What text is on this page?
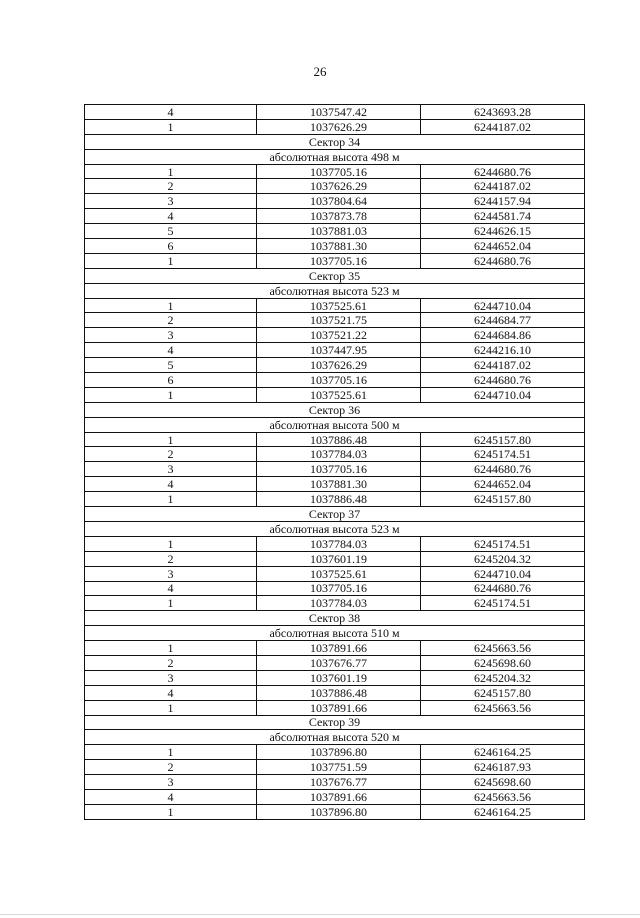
26
4	1037547.42	6243693.28
1	1037626.29	6244187.02
Сектор 34		
абсолютная высота 498 м		
1	1037705.16	6244680.76
2	1037626.29	6244187.02
3	1037804.64	6244157.94
4	1037873.78	6244581.74
5	1037881.03	6244626.15
6	1037881.30	6244652.04
1	1037705.16	6244680.76
Сектор 35		
абсолютная высота 523 м		
1	1037525.61	6244710.04
2	1037521.75	6244684.77
3	1037521.22	6244684.86
4	1037447.95	6244216.10
5	1037626.29	6244187.02
6	1037705.16	6244680.76
1	1037525.61	6244710.04
Сектор 36		
абсолютная высота 500 м		
1	1037886.48	6245157.80
2	1037784.03	6245174.51
3	1037705.16	6244680.76
4	1037881.30	6244652.04
1	1037886.48	6245157.80
Сектор 37		
абсолютная высота 523 м		
1	1037784.03	6245174.51
2	1037601.19	6245204.32
3	1037525.61	6244710.04
4	1037705.16	6244680.76
1	1037784.03	6245174.51
Сектор 38		
абсолютная высота 510 м		
1	1037891.66	6245663.56
2	1037676.77	6245698.60
3	1037601.19	6245204.32
4	1037886.48	6245157.80
1	1037891.66	6245663.56
Сектор 39		
абсолютная высота 520 м		
1	1037896.80	6246164.25
2	1037751.59	6246187.93
3	1037676.77	6245698.60
4	1037891.66	6245663.56
1	1037896.80	6246164.25
